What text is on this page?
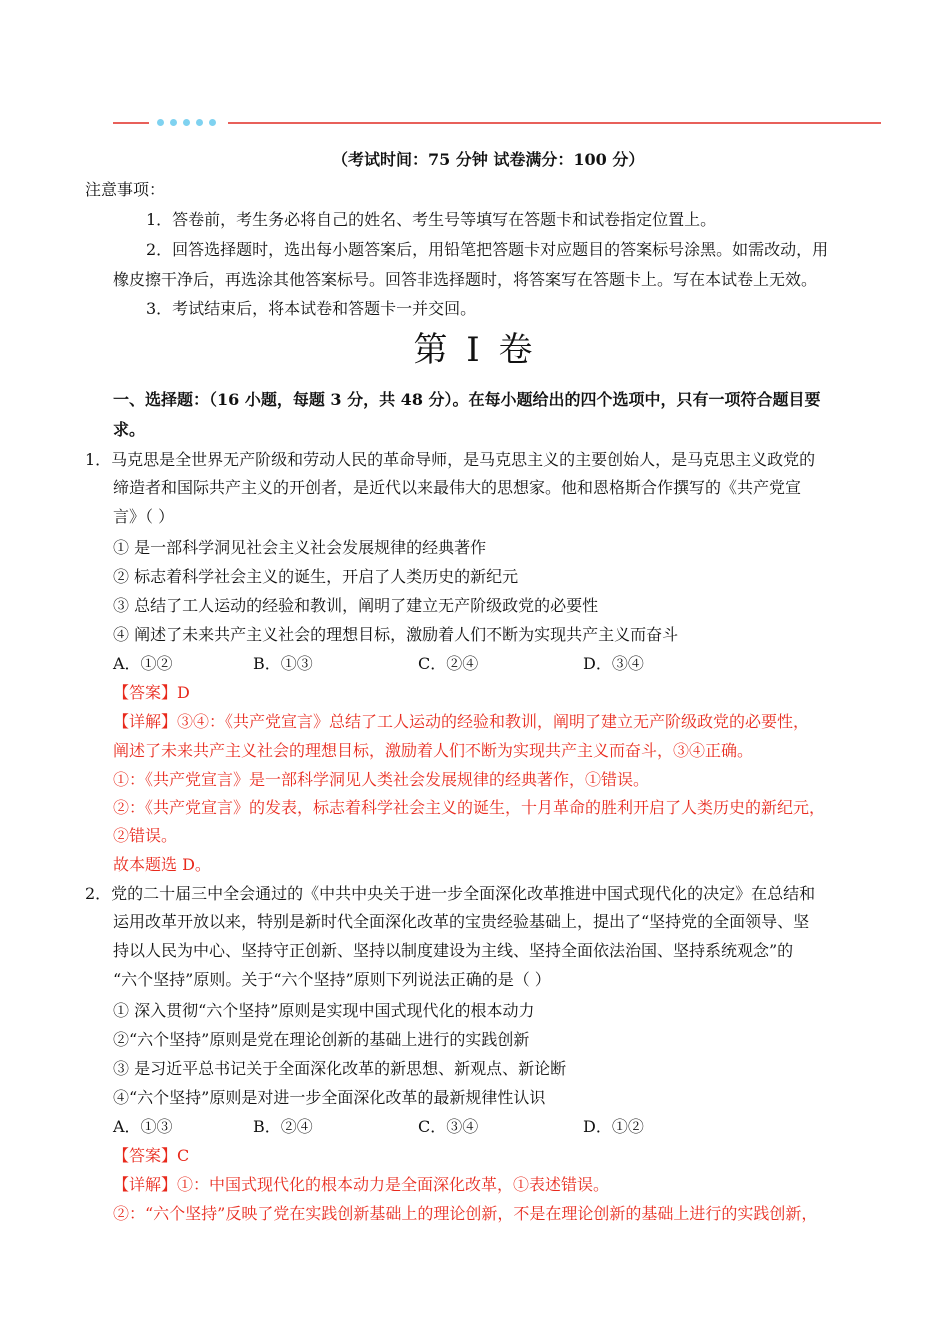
（考试时间：75 分钟 试卷满分：100 分）
注意事项：
1．答卷前，考生务必将自己的姓名、考生号等填写在答题卡和试卷指定位置上。
2．回答选择题时，选出每小题答案后，用铅笔把答题卡对应题目的答案标号涂黑。如需改动，用
橡皮擦干净后，再选涂其他答案标号。回答非选择题时，将答案写在答题卡上。写在本试卷上无效。
3．考试结束后，将本试卷和答题卡一并交回。
第 I 卷
一、选择题：（16 小题，每题 3 分，共 48 分）。在每小题给出的四个选项中，只有一项符合题目要
求。
1．马克思是全世界无产阶级和劳动人民的革命导师，是马克思主义的主要创始人，是马克思主义政党的
缔造者和国际共产主义的开创者，是近代以来最伟大的思想家。他和恩格斯合作撰写的《共产党宣
言》（ ）
① 是一部科学洞见社会主义社会发展规律的经典著作
② 标志着科学社会主义的诞生，开启了人类历史的新纪元
③ 总结了工人运动的经验和教训，阐明了建立无产阶级政党的必要性
④ 阐述了未来共产主义社会的理想目标，激励着人们不断为实现共产主义而奋斗
A．①②	B．①③	C．②④	D．③④
【答案】D
【详解】③④：《共产党宣言》总结了工人运动的经验和教训，阐明了建立无产阶级政党的必要性，
阐述了未来共产主义社会的理想目标，激励着人们不断为实现共产主义而奋斗，③④正确。
①：《共产党宣言》是一部科学洞见人类社会发展规律的经典著作，①错误。
②：《共产党宣言》的发表，标志着科学社会主义的诞生，十月革命的胜利开启了人类历史的新纪元，
②错误。
故本题选 D。
2．党的二十届三中全会通过的《中共中央关于进一步全面深化改革推进中国式现代化的决定》在总结和
运用改革开放以来，特别是新时代全面深化改革的宝贵经验基础上，提出了“坚持党的全面领导、坚
持以人民为中心、坚持守正创新、坚持以制度建设为主线、坚持全面依法治国、坚持系统观念”的
“六个坚持”原则。关于“六个坚持”原则下列说法正确的是（ ）
① 深入贯彻“六个坚持”原则是实现中国式现代化的根本动力
②“六个坚持”原则是党在理论创新的基础上进行的实践创新
③ 是习近平总书记关于全面深化改革的新思想、新观点、新论断
④“六个坚持”原则是对进一步全面深化改革的最新规律性认识
A．①③	B．②④	C．③④	D．①②
【答案】C
【详解】①：中国式现代化的根本动力是全面深化改革，①表述错误。
②：“六个坚持”反映了党在实践创新基础上的理论创新，不是在理论创新的基础上进行的实践创新，
